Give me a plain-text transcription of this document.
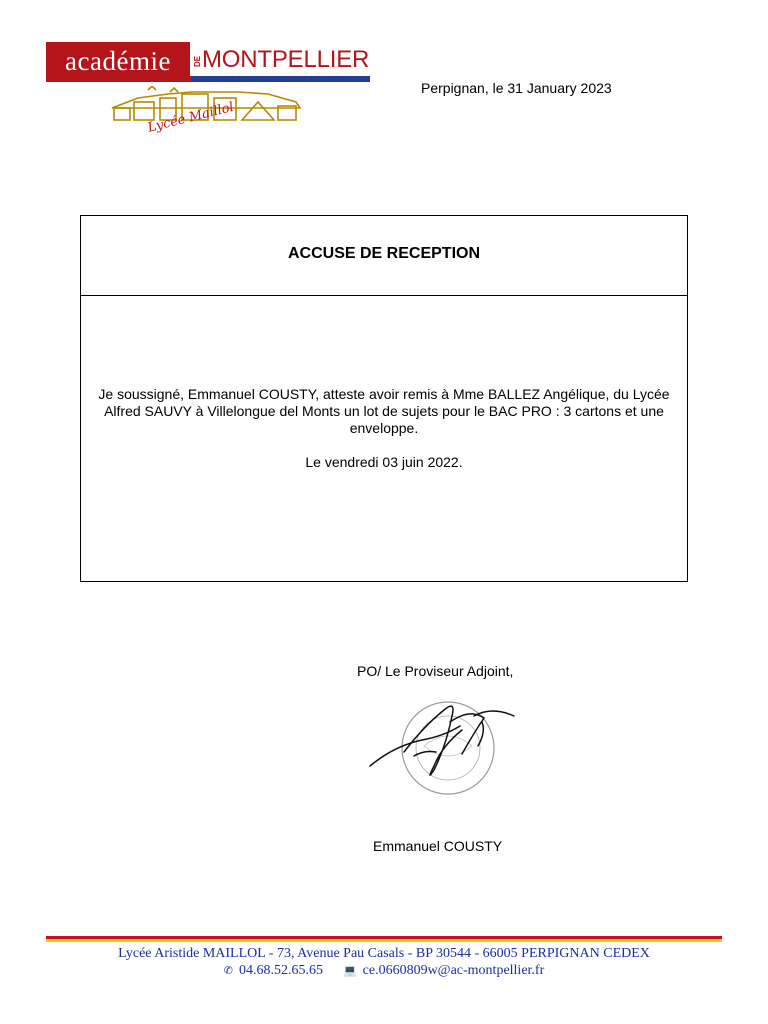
académie	DE MONTPELLIER
Lycée Maillol
Perpignan, le 31 January 2023
ACCUSE DE RECEPTION

Je soussigné, Emmanuel COUSTY, atteste avoir remis à Mme BALLEZ Angélique, du Lycée Alfred SAUVY à Villelongue del Monts un lot de sujets pour le BAC PRO : 3 cartons et une enveloppe.

Le vendredi 03 juin 2022.

PO/ Le Proviseur Adjoint,
Emmanuel COUSTY
Lycée Aristide MAILLOL - 73, Avenue Pau Casals - BP 30544 - 66005 PERPIGNAN CEDEX
✆ 04.68.52.65.65 💻 ce.0660809w@ac-montpellier.fr
